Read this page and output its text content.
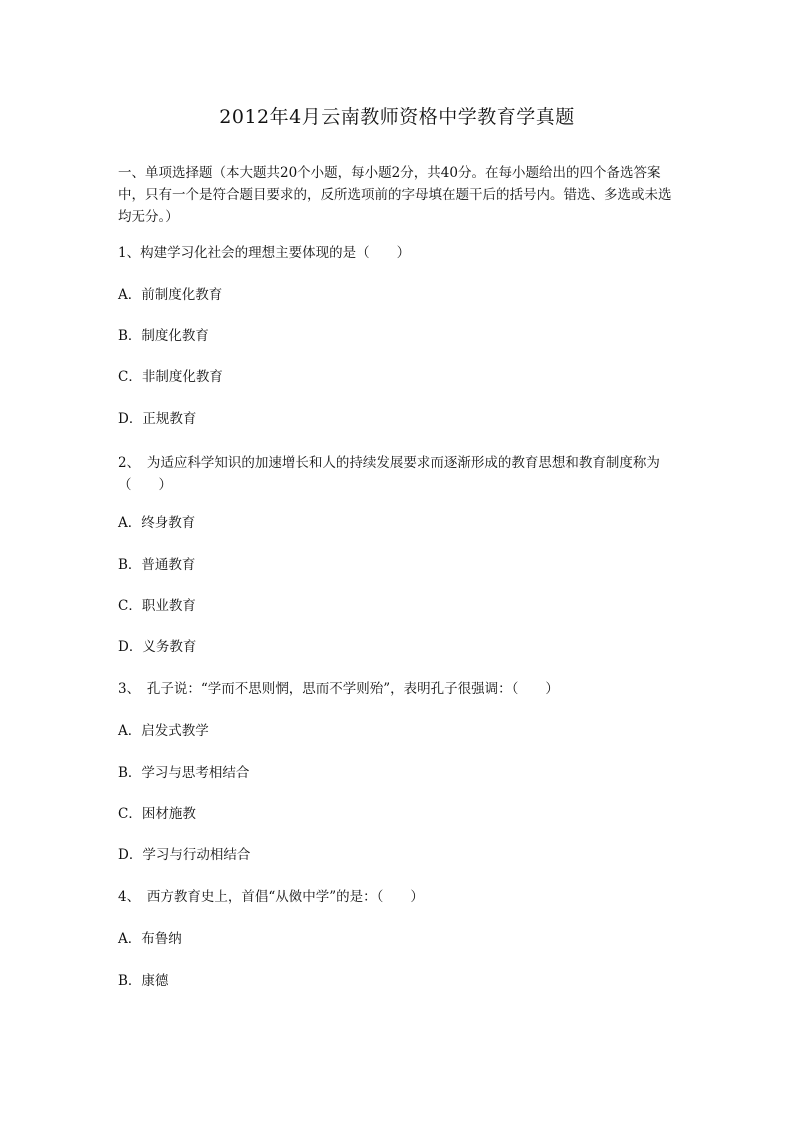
2012年4月云南教师资格中学教育学真题
一、单项选择题（本大题共20个小题，每小题2分，共40分。在每小题给出的四个备选答案中，只有一个是符合题目要求的，反所选项前的字母填在题干后的括号内。错选、多选或未选均无分。）
1、构建学习化社会的理想主要体现的是（　　）
A．前制度化教育
B．制度化教育
C．非制度化教育
D．正规教育
2、　为适应科学知识的加速增长和人的持续发展要求而逐渐形成的教育思想和教育制度称为（　　）
A．终身教育
B．普通教育
C．职业教育
D．义务教育
3、　孔子说：“学而不思则惘，思而不学则殆”，表明孔子很强调：（　　）
A．启发式教学
B．学习与思考相结合
C．困材施教
D．学习与行动相结合
4、　西方教育史上，首倡“从傚中学”的是：（　　）
A．布鲁纳
B．康德
